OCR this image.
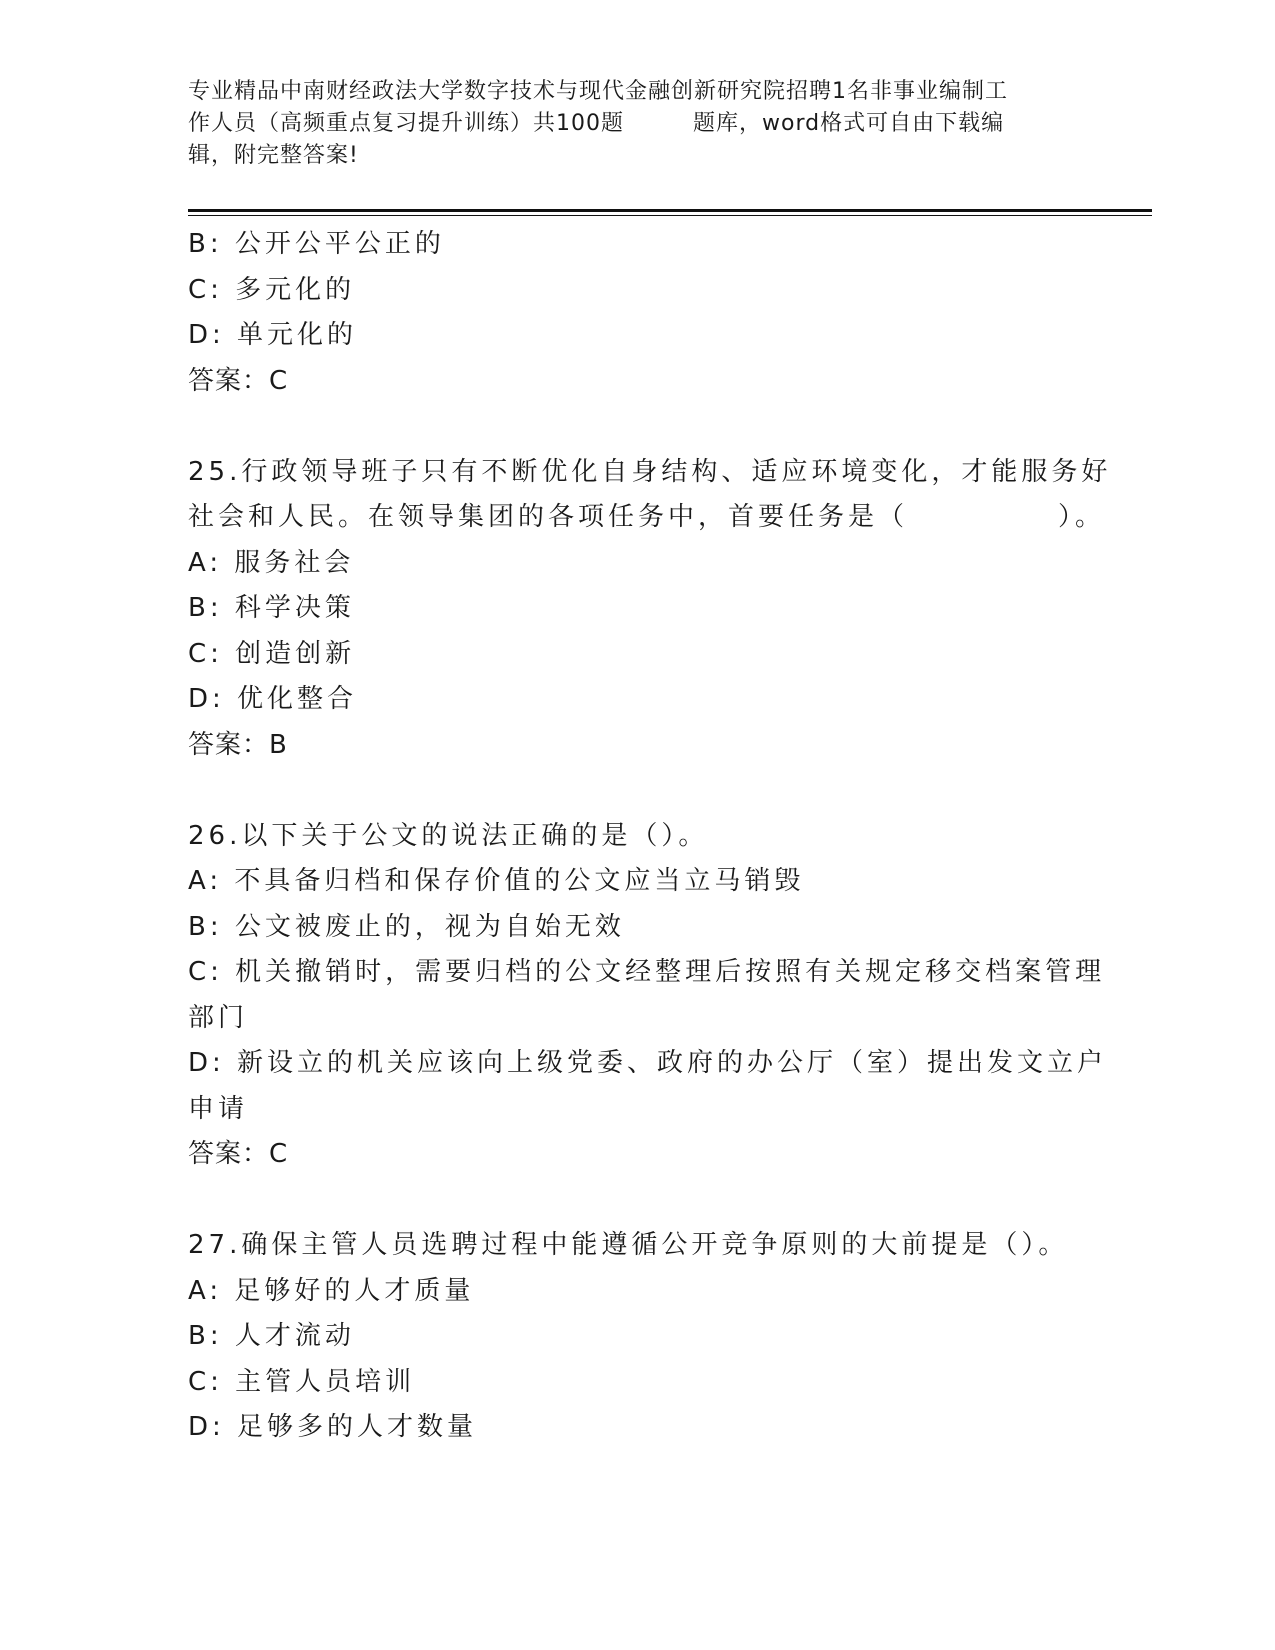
专业精品中南财经政法大学数字技术与现代金融创新研究院招聘1名非事业编制工
作人员（高频重点复习提升训练）共100题　　　题库，word格式可自由下载编
辑，附完整答案!
B: 公开公平公正的
C: 多元化的
D: 单元化的
答案：C
25.行政领导班子只有不断优化自身结构、适应环境变化，才能服务好
社会和人民。在领导集团的各项任务中，首要任务是（　　　　　）。
A: 服务社会
B: 科学决策
C: 创造创新
D: 优化整合
答案：B
26.以下关于公文的说法正确的是（）。
A: 不具备归档和保存价值的公文应当立马销毁
B: 公文被废止的，视为自始无效
C: 机关撤销时，需要归档的公文经整理后按照有关规定移交档案管理
部门
D: 新设立的机关应该向上级党委、政府的办公厅（室）提出发文立户
申请
答案：C
27.确保主管人员选聘过程中能遵循公开竞争原则的大前提是（）。
A: 足够好的人才质量
B: 人才流动
C: 主管人员培训
D: 足够多的人才数量
